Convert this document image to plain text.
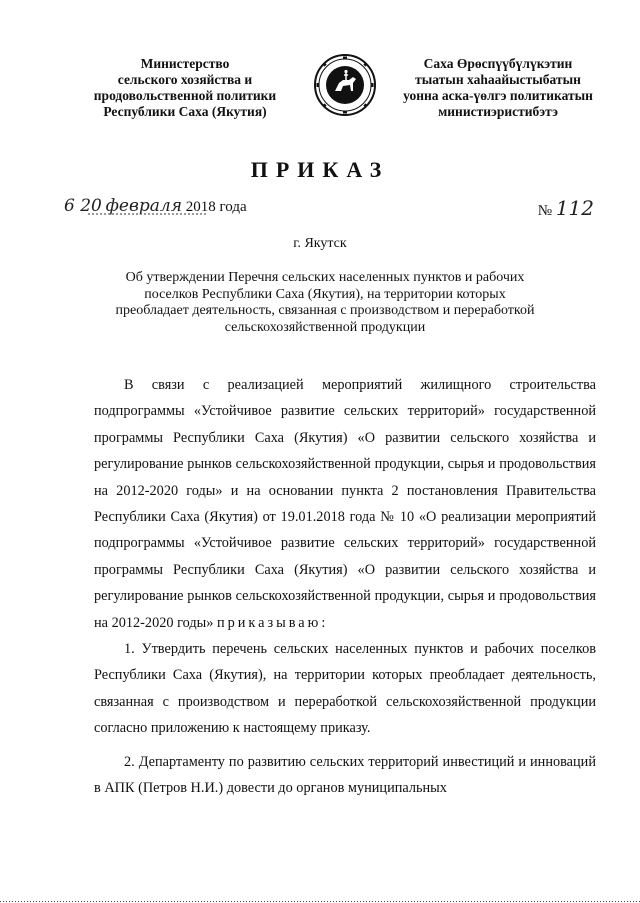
Министерство
сельского хозяйства и
продовольственной политики
Республики Саха (Якутия)
Саха Өрөспүүбүлүкэтин
тыатын хаһаайыстыбатын
уонна аска-үөлгэ политикатын
министиэристибэтэ
ПРИКАЗ
6 20 февраля 2018 года	№ 112
г. Якутск
Об утверждении Перечня сельских населенных пунктов и рабочих поселков Республики Саха (Якутия), на территории которых преобладает деятельность, связанная с производством и переработкой сельскохозяйственной продукции

В связи с реализацией мероприятий жилищного строительства подпрограммы «Устойчивое развитие сельских территорий» государственной программы Республики Саха (Якутия) «О развитии сельского хозяйства и регулирование рынков сельскохозяйственной продукции, сырья и продовольствия на 2012-2020 годы» и на основании пункта 2 постановления Правительства Республики Саха (Якутия) от 19.01.2018 года № 10 «О реализации мероприятий подпрограммы «Устойчивое развитие сельских территорий» государственной программы Республики Саха (Якутия) «О развитии сельского хозяйства и регулирование рынков сельскохозяйственной продукции, сырья и продовольствия на 2012-2020 годы» приказываю:

1. Утвердить перечень сельских населенных пунктов и рабочих поселков Республики Саха (Якутия), на территории которых преобладает деятельность, связанная с производством и переработкой сельскохозяйственной продукции согласно приложению к настоящему приказу.

2. Департаменту по развитию сельских территорий инвестиций и инноваций в АПК (Петров Н.И.) довести до органов муниципальных
